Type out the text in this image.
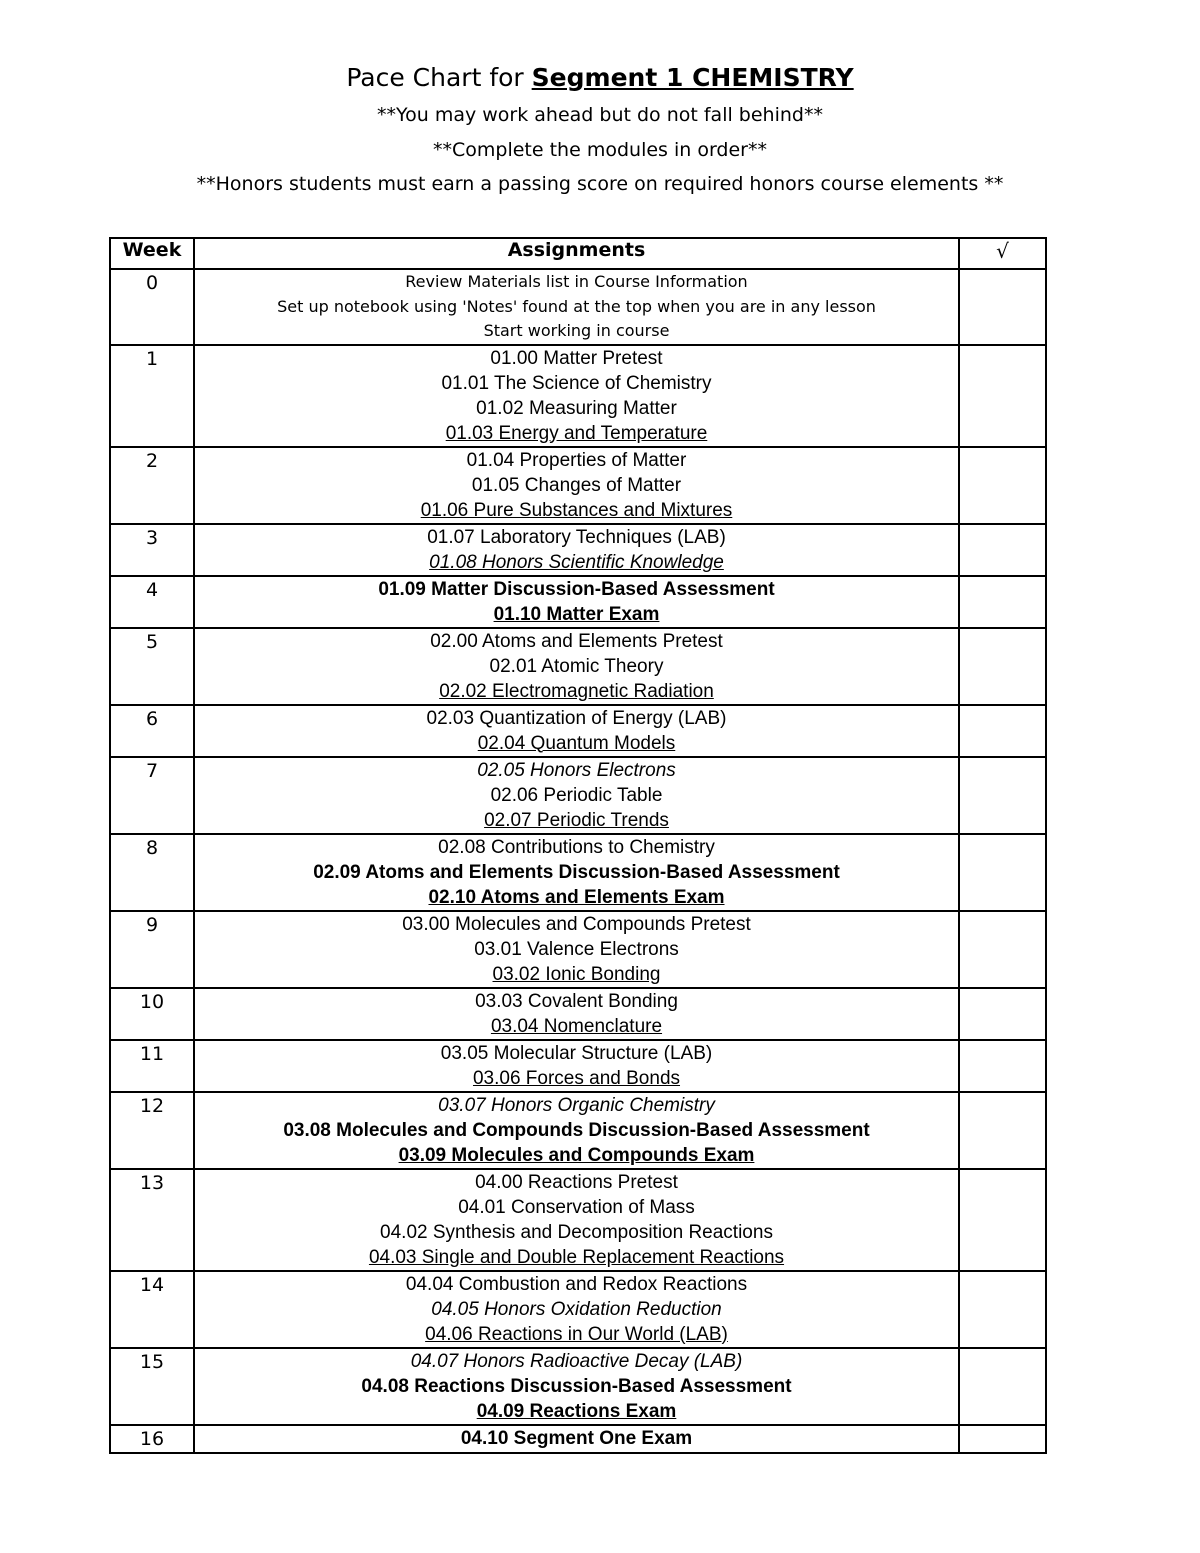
Pace Chart for Segment 1 CHEMISTRY

**You may work ahead but do not fall behind**

**Complete the modules in order**

**Honors students must earn a passing score on required honors course elements **

Week	Assignments	√
0	Review Materials list in Course Information
Set up notebook using 'Notes' found at the top when you are in any lesson
Start working in course	

1	01.00 Matter Pretest
01.01 The Science of Chemistry
01.02 Measuring Matter
01.03 Energy and Temperature	

2	01.04 Properties of Matter
01.05 Changes of Matter
01.06 Pure Substances and Mixtures	

3	01.07 Laboratory Techniques (LAB)
01.08 Honors Scientific Knowledge	

4	01.09 Matter Discussion-Based Assessment
01.10 Matter Exam	

5	02.00 Atoms and Elements Pretest
02.01 Atomic Theory
02.02 Electromagnetic Radiation	

6	02.03 Quantization of Energy (LAB)
02.04 Quantum Models	

7	02.05 Honors Electrons
02.06 Periodic Table
02.07 Periodic Trends	

8	02.08 Contributions to Chemistry
02.09 Atoms and Elements Discussion-Based Assessment
02.10 Atoms and Elements Exam	

9	03.00 Molecules and Compounds Pretest
03.01 Valence Electrons
03.02 Ionic Bonding	

10	03.03 Covalent Bonding
03.04 Nomenclature	

11	03.05 Molecular Structure (LAB)
03.06 Forces and Bonds	

12	03.07 Honors Organic Chemistry
03.08 Molecules and Compounds Discussion-Based Assessment
03.09 Molecules and Compounds Exam	

13	04.00 Reactions Pretest
04.01 Conservation of Mass
04.02 Synthesis and Decomposition Reactions
04.03 Single and Double Replacement Reactions	

14	04.04 Combustion and Redox Reactions
04.05 Honors Oxidation Reduction
04.06 Reactions in Our World (LAB)	

15	04.07 Honors Radioactive Decay (LAB)
04.08 Reactions Discussion-Based Assessment
04.09 Reactions Exam	

16	04.10 Segment One Exam	
